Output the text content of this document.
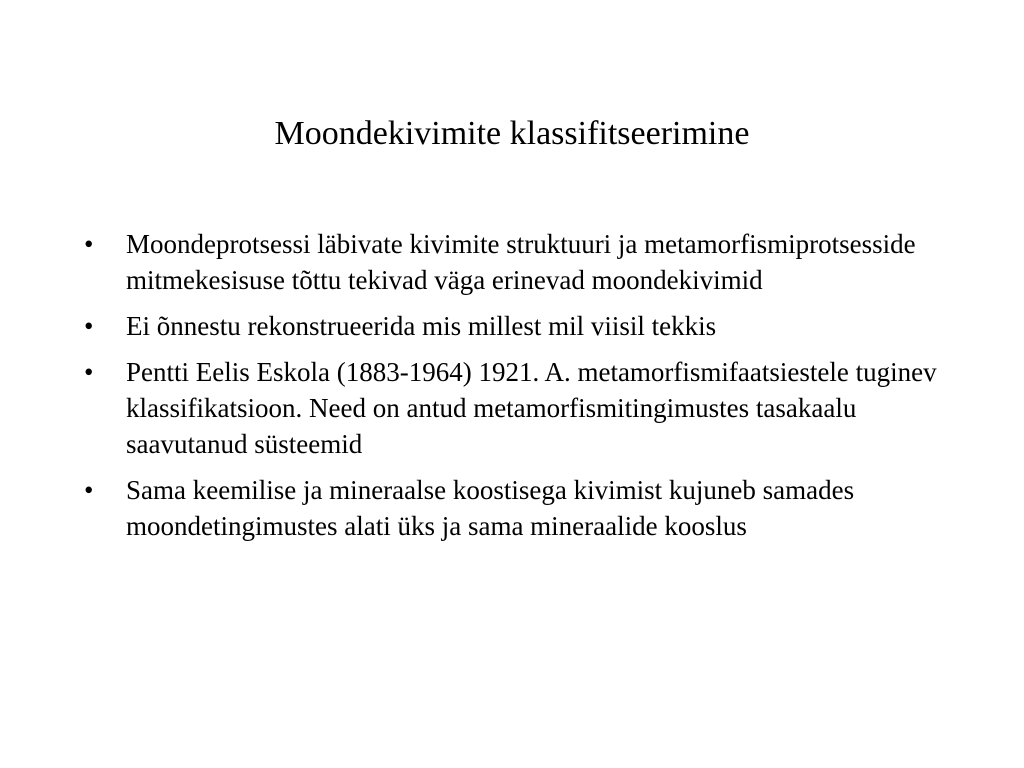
Moondekivimite klassifitseerimine
• Moondeprotsessi läbivate kivimite struktuuri ja metamorfismiprotsesside mitmekesisuse tõttu tekivad väga erinevad moondekivimid
• Ei õnnestu rekonstrueerida mis millest mil viisil tekkis
• Pentti Eelis Eskola (1883-1964) 1921. A. metamorfismifaatsiestele tuginev klassifikatsioon. Need on antud metamorfismitingimustes tasakaalu saavutanud süsteemid
• Sama keemilise ja mineraalse koostisega kivimist kujuneb samades moondetingimustes alati üks ja sama mineraalide kooslus
